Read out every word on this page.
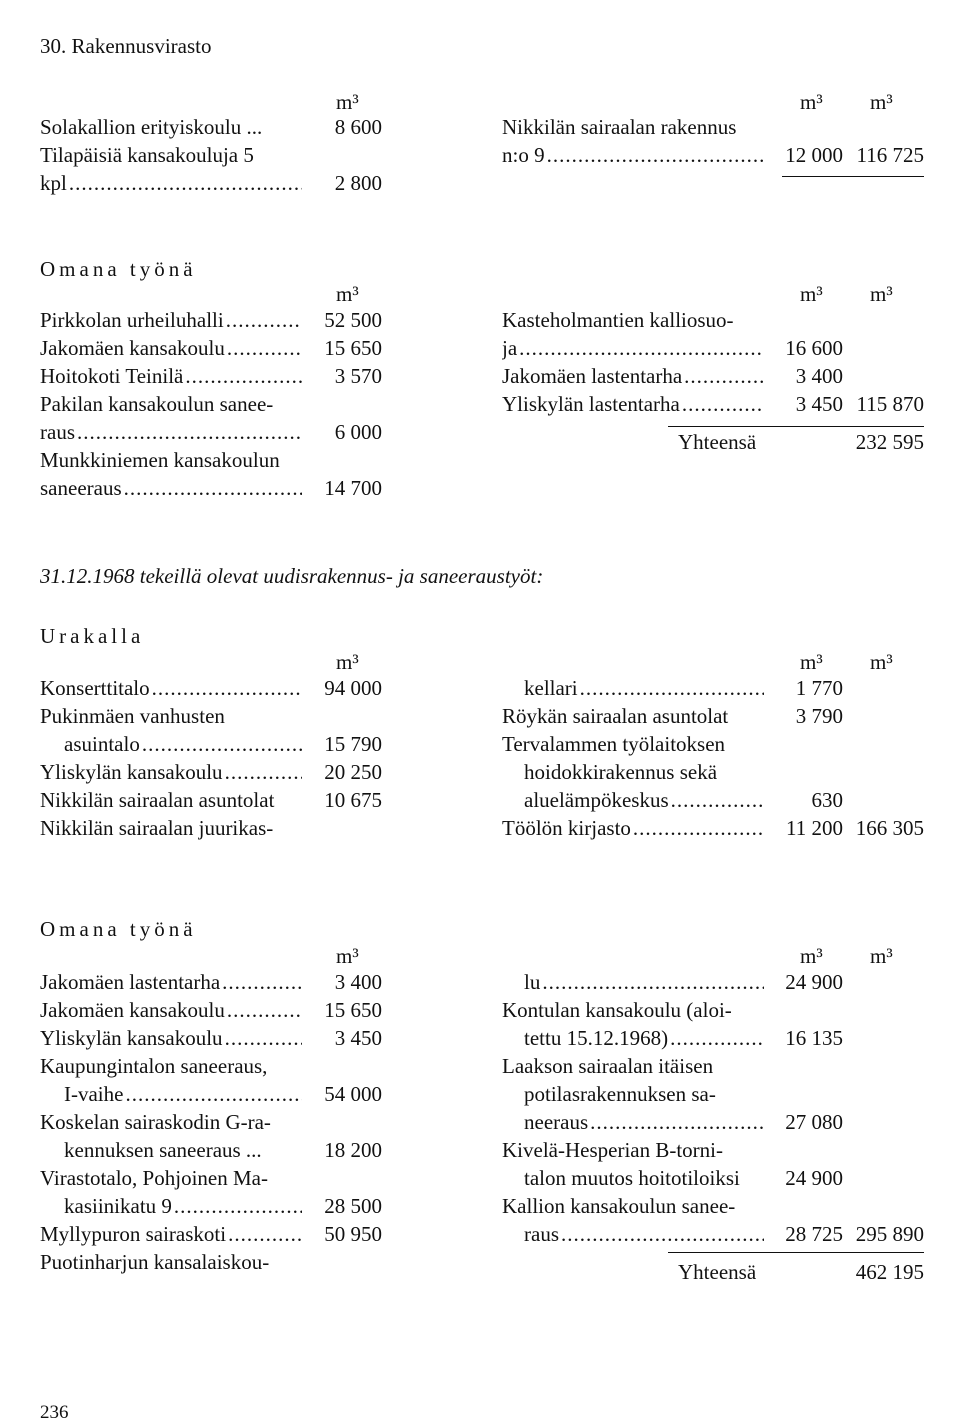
30. Rakennusvirasto
m³	m³ m³
Solakallion erityiskoulu ...	8 600
Tilapäisiä kansakouluja 5
kpl .....	2 800
Nikkilän sairaalan rakennus
n:o 9 .....	12 000 116 725
Omana työnä
m³	m³ m³
Pirkkolan urheiluhalli .....	52 500
Jakomäen kansakoulu .....	15 650
Hoitokoti Teinilä .....	3 570
Pakilan kansakoulun sanee-
raus .....	6 000
Munkkiniemen kansakoulun
saneeraus .....	14 700
Kasteholmantien kalliosuo-
ja .....	16 600
Jakomäen lastentarha .....	3 400
Yliskylän lastentarha .....	3 450 115 870
Yhteensä	232 595
31.12.1968 tekeillä olevat uudisrakennus- ja saneeraustyöt:
Urakalla
m³	m³ m³
Konserttitalo .....	94 000
Pukinmäen vanhusten
asuintalo .....	15 790
Yliskylän kansakoulu .....	20 250
Nikkilän sairaalan asuntolat	10 675
Nikkilän sairaalan juurikas-
kellari .....	1 770
Röykän sairaalan asuntolat	3 790
Tervalammen työlaitoksen
hoidokkirakennus sekä
aluelämpökeskus .....	630
Töölön kirjasto .....	11 200 166 305
Omana työnä
m³	m³ m³
Jakomäen lastentarha .....	3 400
Jakomäen kansakoulu .....	15 650
Yliskylän kansakoulu .....	3 450
Kaupungintalon saneeraus,
I-vaihe .....	54 000
Koskelan sairaskodin G-ra-
kennuksen saneeraus ...	18 200
Virastotalo, Pohjoinen Ma-
kasiinikatu 9 .....	28 500
Myllypuron sairaskoti .....	50 950
Puotinharjun kansalaiskou-
lu .....	24 900
Kontulan kansakoulu (aloi-
tettu 15.12.1968) .....	16 135
Laakson sairaalan itäisen
potilasrakennuksen sa-
neeraus .....	27 080
Kivelä-Hesperian B-torni-
talon muutos hoitotiloiksi	24 900
Kallion kansakoulun sanee-
raus .....	28 725 295 890
Yhteensä	462 195
236
